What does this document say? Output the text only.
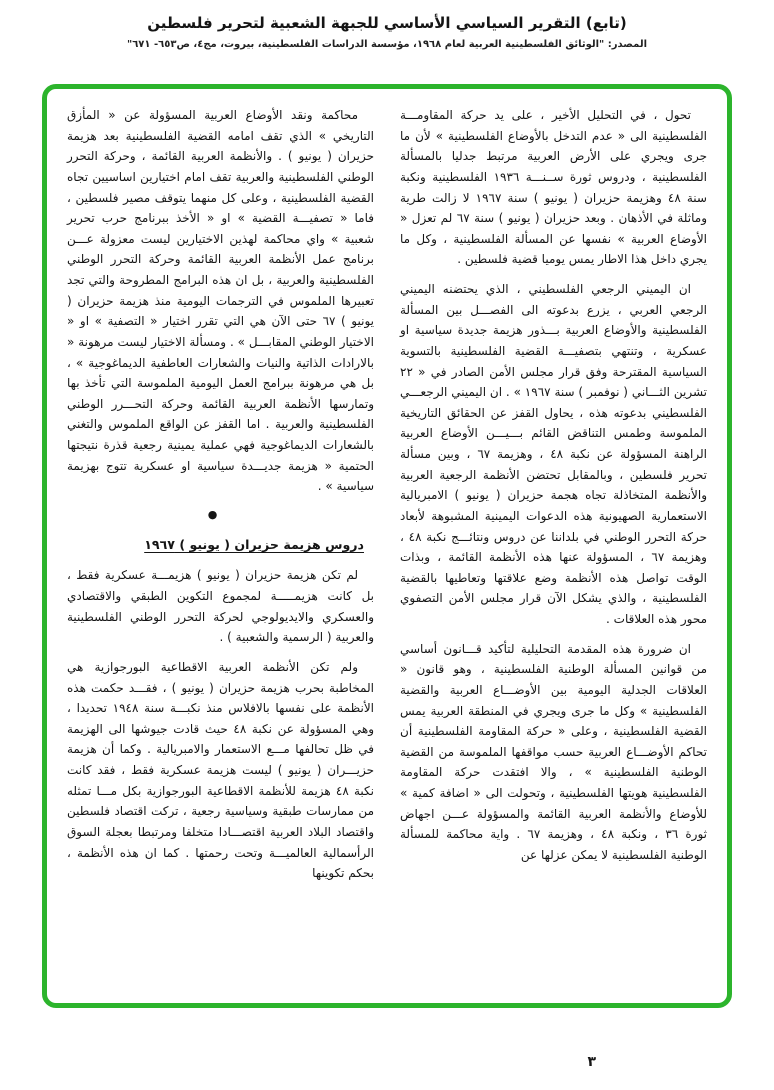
(تابع) التقرير السياسي الأساسي للجبهة الشعبية لتحرير فلسطين
المصدر: "الوثائق الفلسطينية العربية لعام ١٩٦٨، مؤسسة الدراسات الفلسطينية، بيروت، مج٤، ص٦٥٣- ٦٧١"

تحول ، في التحليل الأخير ، على يد حركة المقاومـــة الفلسطينية الى « عدم التدخل بالأوضاع الفلسطينية » لأن ما جرى ويجري على الأرض العربية مرتبط جدليا بالمسألة الفلسطينية ، ودروس ثورة ســنـــة ١٩٣٦ الفلسطينية ونكبة سنة ٤٨ وهزيمة حزيران ( يونيو ) سنة ١٩٦٧ لا زالت طرية وماثلة في الأذهان . وبعد حزيران ( يونيو ) سنة ٦٧ لم تعزل « الأوضاع العربية » نفسها عن المسألة الفلسطينية ، وكل ما يجري داخل هذا الاطار يمس يوميا قضية فلسطين .

ان اليميني الرجعي الفلسطيني ، الذي يحتضنه اليميني الرجعي العربي ، يزرع بدعوته الى الفصـــل بين المسألة الفلسطينية والأوضاع العربية بـــذور هزيمة جديدة سياسية او عسكرية ، وتنتهي بتصفيـــة القضية الفلسطينية بالتسوية السياسية المقترحة وفق قرار مجلس الأمن الصادر في « ٢٢ تشرين الثـــاني ( نوفمبر ) سنة ١٩٦٧ » . ان اليميني الرجعـــي الفلسطيني بدعوته هذه ، يحاول القفز عن الحقائق التاريخية الملموسة وطمس التناقض القائم بـــيـــن الأوضاع العربية الراهنة المسؤولة عن نكبة ٤٨ ، وهزيمة ٦٧ ، وبين مسألة تحرير فلسطين ، وبالمقابل تحتضن الأنظمة الرجعية العربية والأنظمة المتخاذلة تجاه هجمة حزيران ( يونيو ) الامبريالية الاستعمارية الصهيونية هذه الدعوات اليمينية المشبوهة لأبعاد حركة التحرر الوطني في بلداننا عن دروس ونتائـــج نكبة ٤٨ ، وهزيمة ٦٧ ، المسؤولة عنها هذه الأنظمة القائمة ، وبذات الوقت تواصل هذه الأنظمة وضع علاقتها وتعاطيها بالقضية الفلسطينية ، والذي يشكل الآن قرار مجلس الأمن التصفوي محور هذه العلاقات .

ان ضرورة هذه المقدمة التحليلية لتأكيد قـــانون أساسي من قوانين المسألة الوطنية الفلسطينية ، وهو قانون « العلاقات الجدلية اليومية بين الأوضـــاع العربية والقضية الفلسطينية » وكل ما جرى ويجري في المنطقة العربية يمس القضية الفلسطينية ، وعلى « حركة المقاومة الفلسطينية أن تحاكم الأوضـــاع العربية حسب مواقفها الملموسة من القضية الوطنية الفلسطينية » ، والا افتقدت حركة المقاومة الفلسطينية هويتها الفلسطينية ، وتحولت الى « اضافة كمية » للأوضاع والأنظمة العربية القائمة والمسؤولة عـــن اجهاض ثورة ٣٦ ، ونكبة ٤٨ ، وهزيمة ٦٧ . واية محاكمة للمسألة الوطنية الفلسطينية لا يمكن عزلها عن

محاكمة ونقد الأوضاع العربية المسؤولة عن « المأزق التاريخي » الذي تقف امامه القضية الفلسطينية بعد هزيمة حزيران ( يونيو ) . والأنظمة العربية القائمة ، وحركة التحرر الوطني الفلسطينية والعربية تقف امام اختيارين اساسيين تجاه القضية الفلسطينية ، وعلى كل منهما يتوقف مصير فلسطين ، فاما « تصفيـــة القضية » او « الأخذ ببرنامج حرب تحرير شعبية » واي محاكمة لهذين الاختيارين ليست معزولة عـــن برنامج عمل الأنظمة العربية القائمة وحركة التحرر الوطني الفلسطينية والعربية ، بل ان هذه البرامج المطروحة والتي تجد تعبيرها الملموس في الترجمات اليومية منذ هزيمة حزيران ( يونيو ) ٦٧ حتى الآن هي التي تقرر اختيار « التصفية » او « الاختيار الوطني المقابـــل » . ومسألة الاختيار ليست مرهونة « بالارادات الذاتية والنيات والشعارات العاطفية الديماغوجية » ، بل هي مرهونة ببرامج العمل اليومية الملموسة التي تأخذ بها وتمارسها الأنظمة العربية القائمة وحركة التحـــرر الوطني الفلسطينية والعربية . اما القفز عن الواقع الملموس والتغني بالشعارات الديماغوجية فهي عملية يمينية رجعية قذرة نتيجتها الحتمية « هزيمة جديـــدة سياسية او عسكرية تتوج بهزيمة سياسية » .

●

دروس هزيمة حزيران ( يونيو ) ١٩٦٧

لم تكن هزيمة حزيران ( يونيو ) هزيمـــة عسكرية فقط ، بل كانت هزيمـــــة لمجموع التكوين الطبقي والاقتصادي والعسكري والايديولوجي لحركة التحرر الوطني الفلسطينية والعربية ( الرسمية والشعبية ) .

ولم تكن الأنظمة العربية الاقطاعية البورجوازية هي المخاطبة بحرب هزيمة حزيران ( يونيو ) ، فقـــد حكمت هذه الأنظمة على نفسها بالافلاس منذ نكبـــة سنة ١٩٤٨ تحديدا ، وهي المسؤولة عن نكبة ٤٨ حيث قادت جيوشها الى الهزيمة في ظل تحالفها مـــع الاستعمار والامبريالية . وكما أن هزيمة حزيـــران ( يونيو ) ليست هزيمة عسكرية فقط ، فقد كانت نكبة ٤٨ هزيمة للأنظمة الاقطاعية البورجوازية بكل مـــا تمثله من ممارسات طبقية وسياسية رجعية ، تركت اقتصاد فلسطين واقتصاد البلاد العربية اقتصـــادا متخلفا ومرتبطا بعجلة السوق الرأسمالية العالميـــة وتحت رحمتها . كما ان هذه الأنظمة ، بحكم تكوينها

٣
